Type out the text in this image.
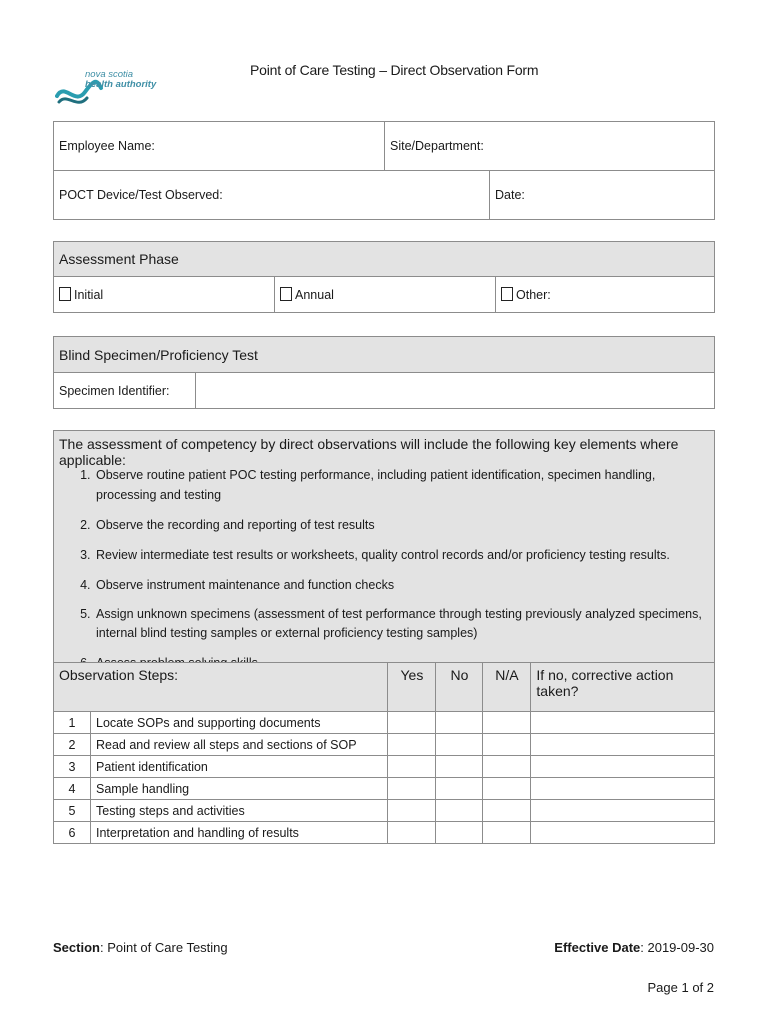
nova scotia
health authority
Point of Care Testing – Direct Observation Form
Employee Name:	Site/Department:	
POCT Device/Test Observed:		Date:
Assessment Phase
Initial	Annual	Other:
Blind Specimen/Proficiency Test
Specimen Identifier:	
The assessment of competency by direct observations will include the following key elements where applicable:
1. Observe routine patient POC testing performance, including patient identification, specimen handling, processing and testing
2. Observe the recording and reporting of test results
3. Review intermediate test results or worksheets, quality control records and/or proficiency testing results.
4. Observe instrument maintenance and function checks
5. Assign unknown specimens (assessment of test performance through testing previously analyzed specimens, internal blind testing samples or external proficiency testing samples)
6.
Observation Steps:		Yes	No	N/A	If no, corrective action taken?
1	Locate SOPs and supporting documents				
2	Read and review all steps and sections of SOP				
3	Patient identification				
4	Sample handling				
5	Testing steps and activities				
6	Interpretation and handling of results				
Section: Point of Care Testing	Effective Date: 2019-09-30
Page 1 of 2
